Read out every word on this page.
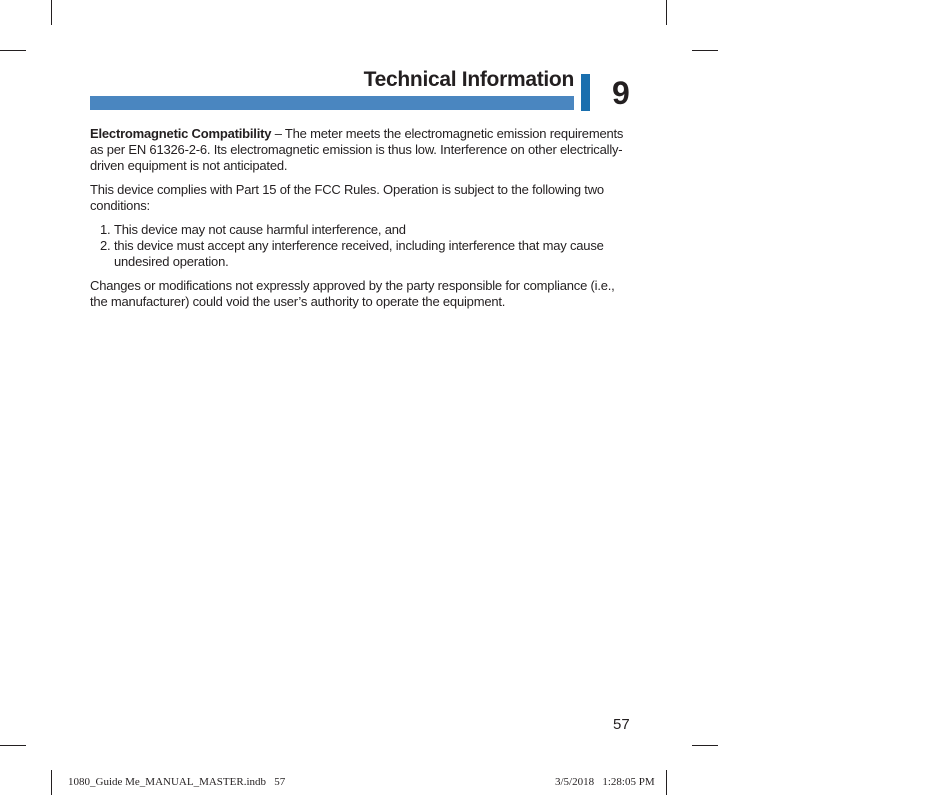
Technical Information 9

Electromagnetic Compatibility – The meter meets the electromagnetic emission requirements as per EN 61326-2-6. Its electromagnetic emission is thus low. Interference on other electrically-driven equipment is not anticipated.

This device complies with Part 15 of the FCC Rules. Operation is subject to the following two conditions:

1. This device may not cause harmful interference, and
2. this device must accept any interference received, including interference that may cause undesired operation.

Changes or modifications not expressly approved by the party responsible for compliance (i.e., the manufacturer) could void the user’s authority to operate the equipment.

57
1080_Guide Me_MANUAL_MASTER.indb   57	3/5/2018   1:28:05 PM
